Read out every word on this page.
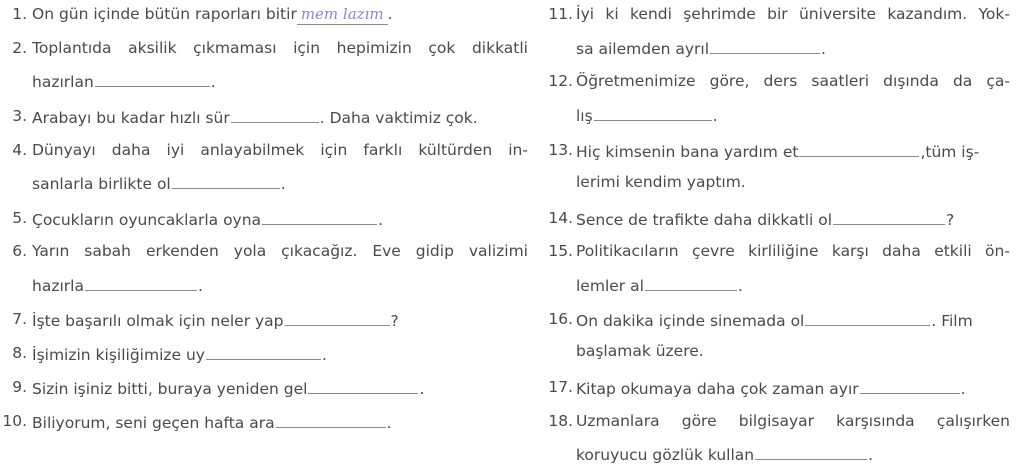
1. On gün içinde bütün raporları bitir mem lazım .
2. Toplantıda aksilik çıkmaması için hepimizin çok dikkatli
hazırlan	.
3. Arabayı bu kadar hızlı sür	. Daha vaktimiz çok.
4. Dünyayı daha iyi anlayabilmek için farklı kültürden in-
sanlarla birlikte ol	.
5. Çocukların oyuncaklarla oyna	.
6. Yarın sabah erkenden yola çıkacağız. Eve gidip valizimi
hazırla	.
7. İşte başarılı olmak için neler yap	?
8. İşimizin kişiliğimize uy	.
9. Sizin işiniz bitti, buraya yeniden gel	.
10. Biliyorum, seni geçen hafta ara	.
11. İyi ki kendi şehrimde bir üniversite kazandım. Yok-
sa ailemden ayrıl	.
12. Öğretmenimize göre, ders saatleri dışında da ça-
lış	.
13. Hiç kimsenin bana yardım et	,tüm iş-
lerimi kendim yaptım.
14. Sence de trafikte daha dikkatli ol	?
15. Politikacıların çevre kirliliğine karşı daha etkili ön-
lemler al	.
16. On dakika içinde sinemada ol	. Film
başlamak üzere.
17. Kitap okumaya daha çok zaman ayır	.
18. Uzmanlara göre bilgisayar karşısında çalışırken
koruyucu gözlük kullan	.
